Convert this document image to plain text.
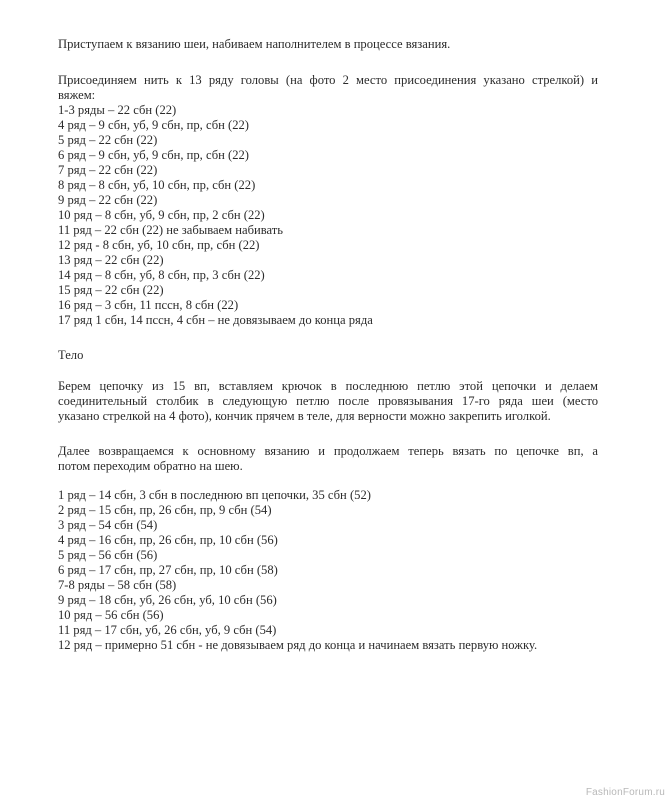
Приступаем к вязанию шеи, набиваем наполнителем в процессе вязания.
Присоединяем нить к 13 ряду головы (на фото 2 место присоединения указано стрелкой) и
вяжем:
1-3 ряды – 22 сбн (22)
4 ряд – 9 сбн, уб, 9 сбн, пр, сбн (22)
5 ряд – 22 сбн (22)
6 ряд – 9 сбн, уб, 9 сбн, пр, сбн (22)
7 ряд – 22 сбн (22)
8 ряд – 8 сбн, уб, 10 сбн, пр, сбн (22)
9 ряд – 22 сбн (22)
10 ряд – 8 сбн, уб, 9 сбн, пр, 2 сбн (22)
11 ряд – 22 сбн (22) не забываем набивать
12 ряд - 8 сбн, уб, 10 сбн, пр, сбн (22)
13 ряд – 22 сбн (22)
14 ряд – 8 сбн, уб, 8 сбн, пр, 3 сбн (22)
15 ряд – 22 сбн (22)
16 ряд – 3 сбн, 11 пссн, 8 сбн (22)
17 ряд 1 сбн, 14 пссн, 4 сбн – не довязываем до конца ряда
Тело
Берем цепочку из 15 вп, вставляем крючок в последнюю петлю этой цепочки и делаем
соединительный столбик в следующую петлю после провязывания 17-го ряда шеи (место
указано стрелкой на 4 фото), кончик прячем в теле, для верности можно закрепить иголкой.
Далее возвращаемся к основному вязанию и продолжаем теперь вязать по цепочке вп, а
потом переходим обратно на шею.
1 ряд – 14 сбн, 3 сбн в последнюю вп цепочки, 35 сбн (52)
2 ряд – 15 сбн, пр, 26 сбн, пр, 9 сбн (54)
3 ряд – 54 сбн (54)
4 ряд – 16 сбн, пр, 26 сбн, пр, 10 сбн (56)
5 ряд – 56 сбн (56)
6 ряд – 17 сбн, пр, 27 сбн, пр, 10 сбн (58)
7-8 ряды – 58 сбн (58)
9 ряд – 18 сбн, уб, 26 сбн, уб, 10 сбн (56)
10 ряд – 56 сбн (56)
11 ряд – 17 сбн, уб, 26 сбн, уб, 9 сбн (54)
12 ряд – примерно 51 сбн - не довязываем ряд до конца и начинаем вязать первую ножку.
FashionForum.ru
